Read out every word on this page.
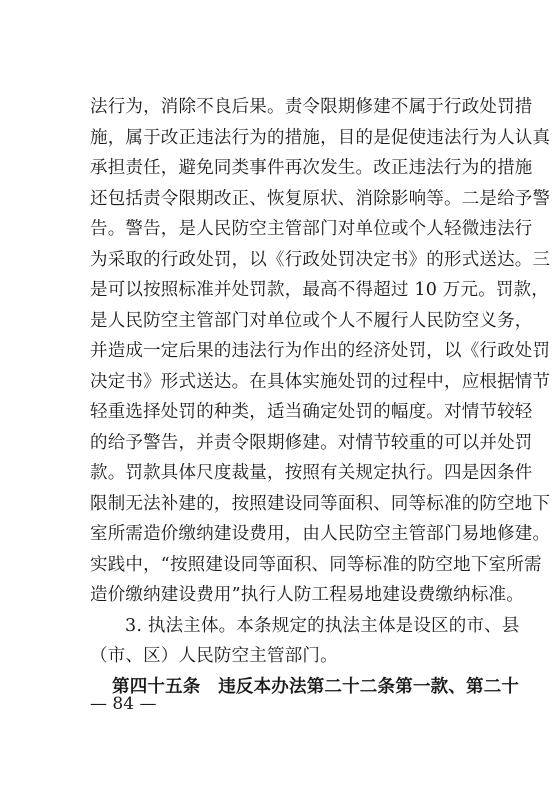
法行为，消除不良后果。责令限期修建不属于行政处罚措
施，属于改正违法行为的措施，目的是促使违法行为人认真
承担责任，避免同类事件再次发生。改正违法行为的措施
还包括责令限期改正、恢复原状、消除影响等。二是给予警
告。警告，是人民防空主管部门对单位或个人轻微违法行
为采取的行政处罚，以《行政处罚决定书》的形式送达。三
是可以按照标准并处罚款，最高不得超过 10 万元。罚款，
是人民防空主管部门对单位或个人不履行人民防空义务，
并造成一定后果的违法行为作出的经济处罚，以《行政处罚
决定书》形式送达。在具体实施处罚的过程中，应根据情节
轻重选择处罚的种类，适当确定处罚的幅度。对情节较轻
的给予警告，并责令限期修建。对情节较重的可以并处罚
款。罚款具体尺度裁量，按照有关规定执行。四是因条件
限制无法补建的，按照建设同等面积、同等标准的防空地下
室所需造价缴纳建设费用，由人民防空主管部门易地修建。
实践中，“按照建设同等面积、同等标准的防空地下室所需
造价缴纳建设费用”执行人防工程易地建设费缴纳标准。
3. 执法主体。本条规定的执法主体是设区的市、县
（市、区）人民防空主管部门。
第四十五条　违反本办法第二十二条第一款、第二十
— 84 —
